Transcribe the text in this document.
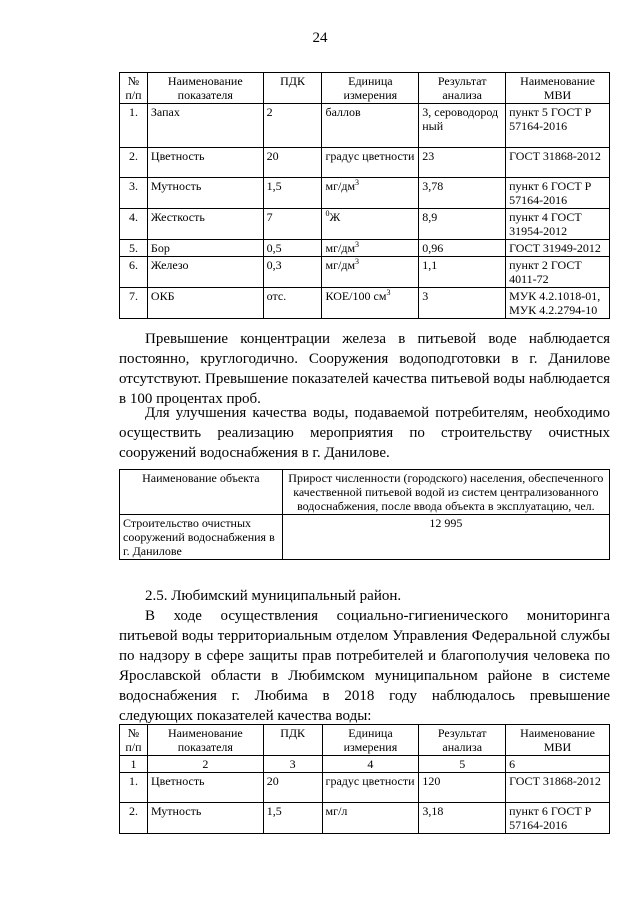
24
№ п/п	Наименование показателя	ПДК	Единица измерения	Результат анализа	Наименование МВИ
1.	Запах	2	баллов	3, сероводород ный	пункт 5 ГОСТ Р 57164-2016
2.	Цветность	20	градус цветности	23	ГОСТ 31868-2012
3.	Мутность	1,5	$мг/дм^3$	3,78	пункт 6 ГОСТ Р 57164-2016
4.	Жесткость	7	$^0$Ж	8,9	пункт 4 ГОСТ 31954-2012
5.	Бор	0,5	$мг/дм^3$	0,96	ГОСТ 31949-2012
6.	Железо	0,3	$мг/дм^3$	1,1	пункт 2 ГОСТ 4011-72
7.	ОКБ	отс.	КОЕ/100 $см^3$	3	МУК 4.2.1018-01, МУК 4.2.2794-10

Превышение концентрации железа в питьевой воде наблюдается постоянно, круглогодично. Сооружения водоподготовки в г. Данилове отсутствуют. Превышение показателей качества питьевой воды наблюдается в 100 процентах проб.

Для улучшения качества воды, подаваемой потребителям, необходимо осуществить реализацию мероприятия по строительству очистных сооружений водоснабжения в г. Данилове.

Наименование объекта	Прирост численности (городского) населения, обеспеченного качественной питьевой водой из систем централизованного водоснабжения, после ввода объекта в эксплуатацию, чел.
Строительство очистных сооружений водоснабжения в г. Данилове	12 995

2.5. Любимский муниципальный район.

В ходе осуществления социально-гигиенического мониторинга питьевой воды территориальным отделом Управления Федеральной службы по надзору в сфере защиты прав потребителей и благополучия человека по Ярославской области в Любимском муниципальном районе в системе водоснабжения г. Любима в 2018 году наблюдалось превышение следующих показателей качества воды:

№ п/п	Наименование показателя	ПДК	Единица измерения	Результат анализа	Наименование МВИ
1	2	3	4	5	6
1.	Цветность	20	градус цветности	120	ГОСТ 31868-2012
2.	Мутность	1,5	мг/л	3,18	пункт 6 ГОСТ Р 57164-2016
